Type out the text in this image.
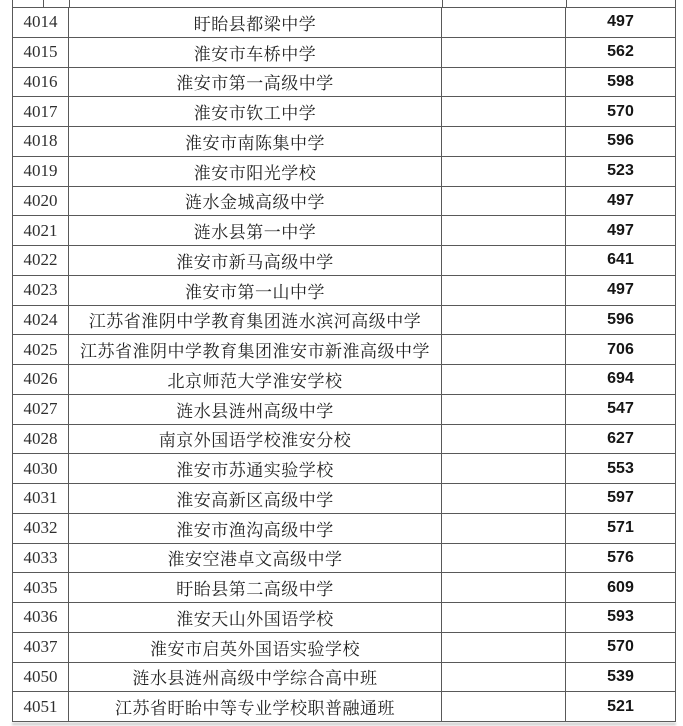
4014	盱眙县都梁中学	497
4015	淮安市车桥中学	562
4016	淮安市第一高级中学	598
4017	淮安市钦工中学	570
4018	淮安市南陈集中学	596
4019	淮安市阳光学校	523
4020	涟水金城高级中学	497
4021	涟水县第一中学	497
4022	淮安市新马高级中学	641
4023	淮安市第一山中学	497
4024	江苏省淮阴中学教育集团涟水滨河高级中学	596
4025	江苏省淮阴中学教育集团淮安市新淮高级中学	706
4026	北京师范大学淮安学校	694
4027	涟水县涟州高级中学	547
4028	南京外国语学校淮安分校	627
4030	淮安市苏通实验学校	553
4031	淮安高新区高级中学	597
4032	淮安市渔沟高级中学	571
4033	淮安空港卓文高级中学	576
4035	盱眙县第二高级中学	609
4036	淮安天山外国语学校	593
4037	淮安市启英外国语实验学校	570
4050	涟水县涟州高级中学综合高中班	539
4051	江苏省盱眙中等专业学校职普融通班	521
